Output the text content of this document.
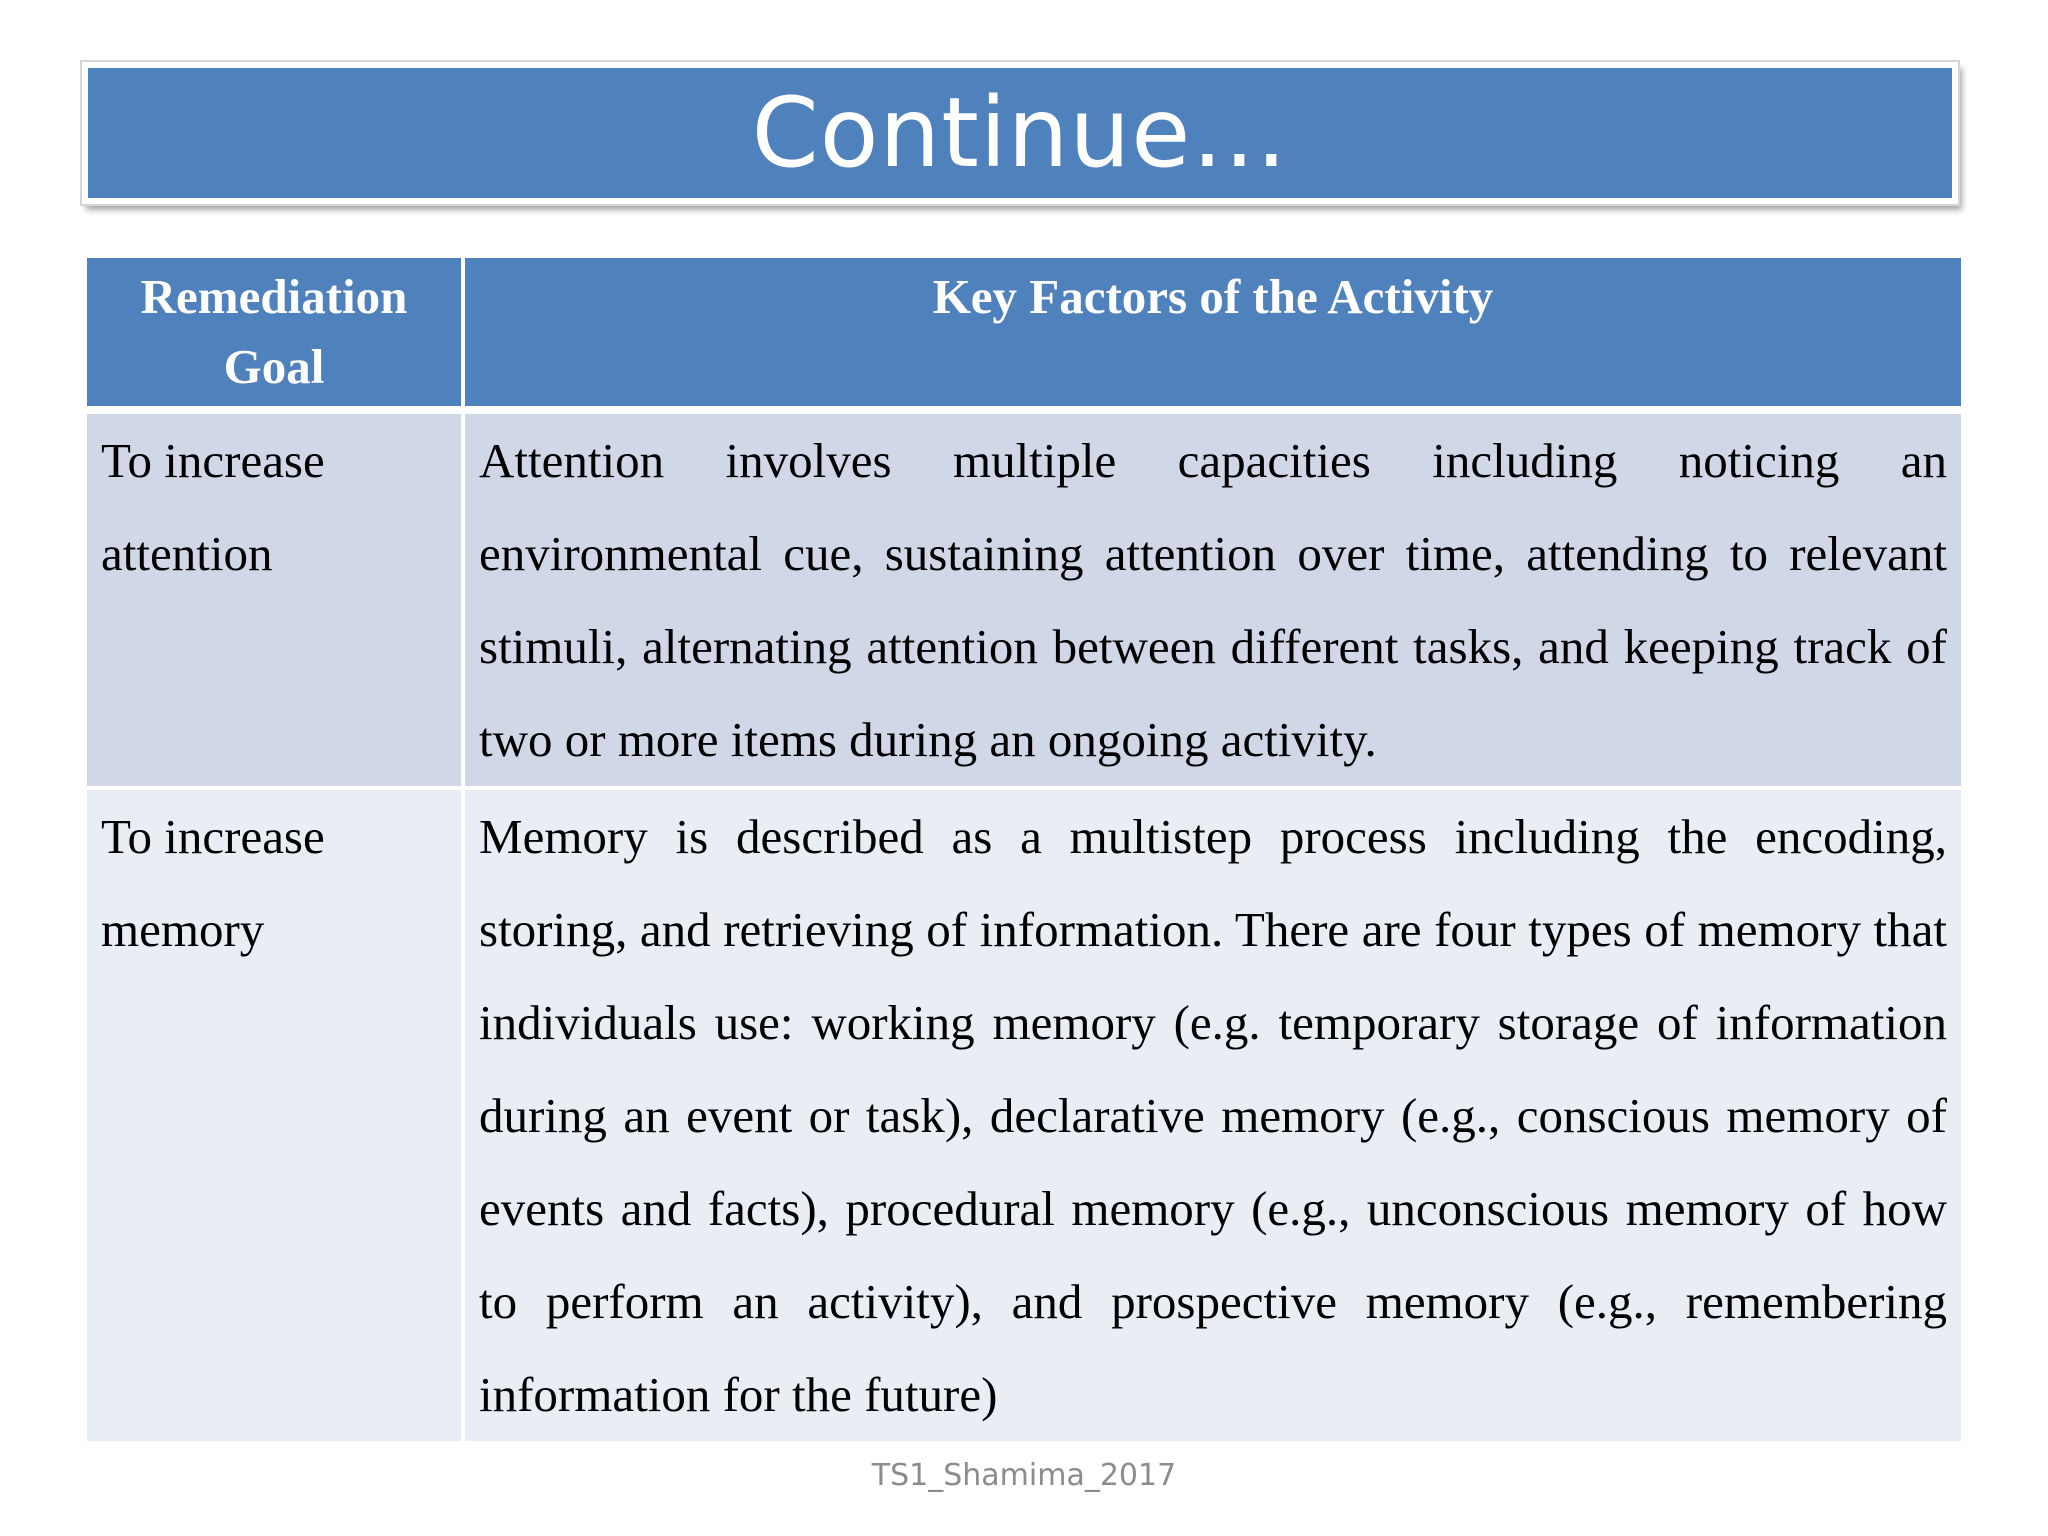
Continue…
Remediation Goal	Key Factors of the Activity
To increase attention	Attention involves multiple capacities including noticing an environmental cue, sustaining attention over time, attending to relevant stimuli, alternating attention between different tasks, and keeping track of two or more items during an ongoing activity.
To increase memory	Memory is described as a multistep process including the encoding, storing, and retrieving of information. There are four types of memory that individuals use: working memory (e.g. temporary storage of information during an event or task), declarative memory (e.g., conscious memory of events and facts), procedural memory (e.g., unconscious memory of how to perform an activity), and prospective memory (e.g., remembering information for the future)
TS1_Shamima_2017
